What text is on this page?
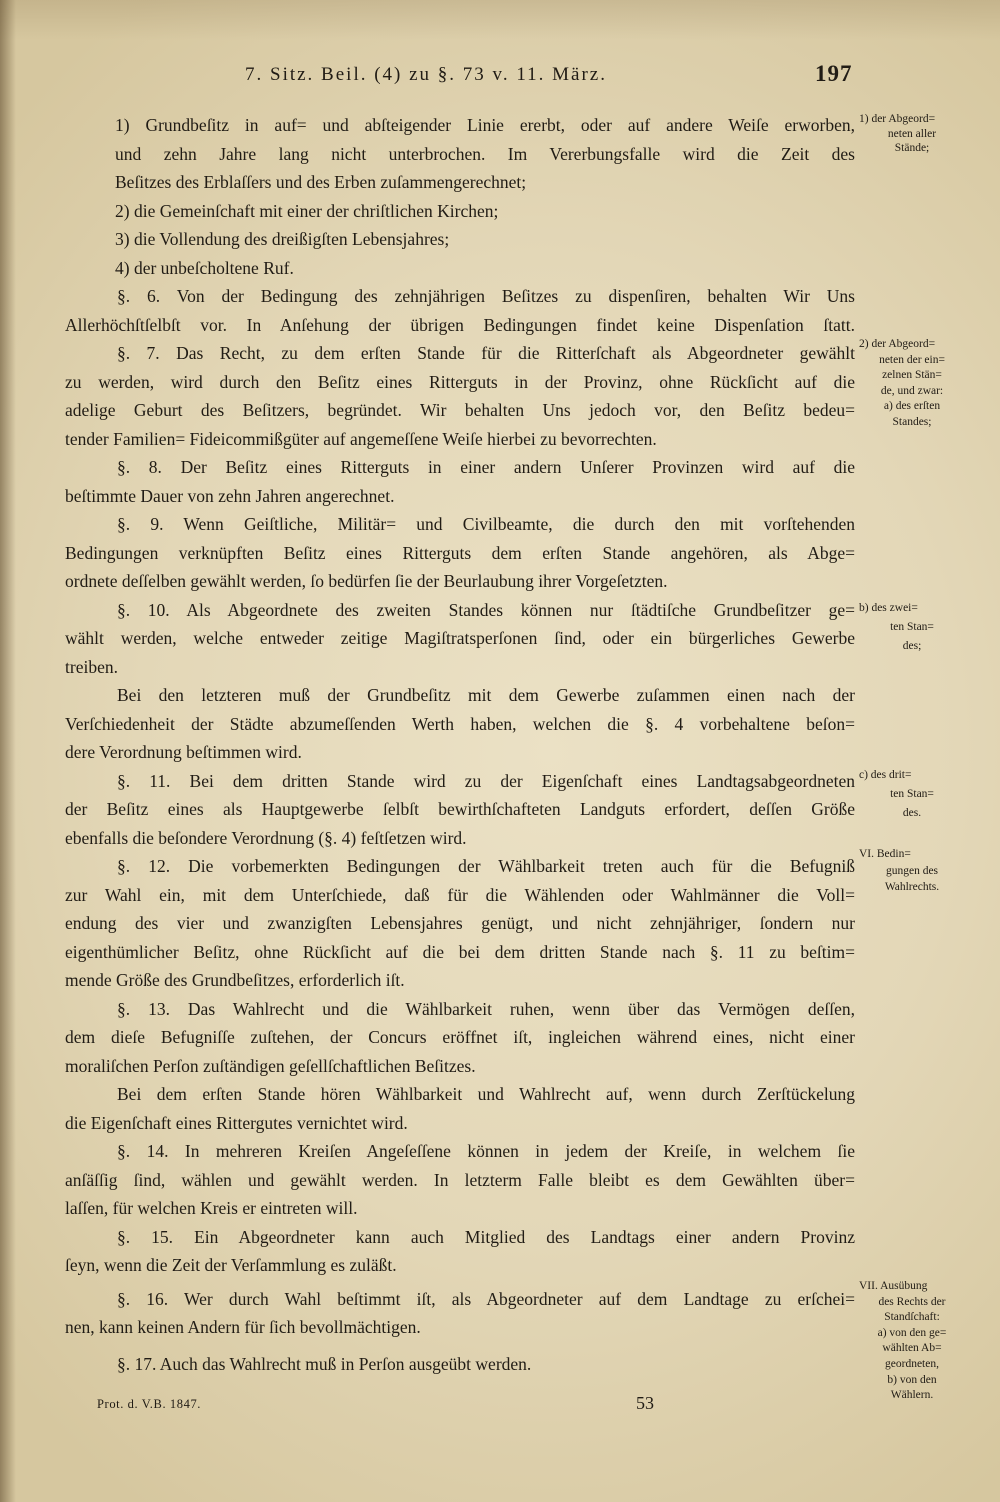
7. Sitz. Beil. (4) zu §. 73 v. 11. März.	197
1) Grundbeſitz in auf= und abſteigender Linie ererbt, oder auf andere Weiſe erworben,
und zehn Jahre lang nicht unterbrochen. Im Vererbungsfalle wird die Zeit des
Beſitzes des Erblaſſers und des Erben zuſammengerechnet;
2) die Gemeinſchaft mit einer der chriſtlichen Kirchen;
3) die Vollendung des dreißigſten Lebensjahres;
4) der unbeſcholtene Ruf.
§. 6. Von der Bedingung des zehnjährigen Beſitzes zu dispenſiren, behalten Wir Uns
Allerhöchſtſelbſt vor. In Anſehung der übrigen Bedingungen findet keine Dispenſation ſtatt.
§. 7. Das Recht, zu dem erſten Stande für die Ritterſchaft als Abgeordneter gewählt
zu werden, wird durch den Beſitz eines Ritterguts in der Provinz, ohne Rückſicht auf die
adelige Geburt des Beſitzers, begründet. Wir behalten Uns jedoch vor, den Beſitz bedeu=
tender Familien= Fideicommißgüter auf angemeſſene Weiſe hierbei zu bevorrechten.
§. 8. Der Beſitz eines Ritterguts in einer andern Unſerer Provinzen wird auf die
beſtimmte Dauer von zehn Jahren angerechnet.
§. 9. Wenn Geiſtliche, Militär= und Civilbeamte, die durch den mit vorſtehenden
Bedingungen verknüpften Beſitz eines Ritterguts dem erſten Stande angehören, als Abge=
ordnete deſſelben gewählt werden, ſo bedürfen ſie der Beurlaubung ihrer Vorgeſetzten.
§. 10. Als Abgeordnete des zweiten Standes können nur ſtädtiſche Grundbeſitzer ge=
wählt werden, welche entweder zeitige Magiſtratsperſonen ſind, oder ein bürgerliches Gewerbe
treiben.
Bei den letzteren muß der Grundbeſitz mit dem Gewerbe zuſammen einen nach der
Verſchiedenheit der Städte abzumeſſenden Werth haben, welchen die §. 4 vorbehaltene beſon=
dere Verordnung beſtimmen wird.
§. 11. Bei dem dritten Stande wird zu der Eigenſchaft eines Landtagsabgeordneten
der Beſitz eines als Hauptgewerbe ſelbſt bewirthſchafteten Landguts erfordert, deſſen Größe
ebenfalls die beſondere Verordnung (§. 4) feſtſetzen wird.
§. 12. Die vorbemerkten Bedingungen der Wählbarkeit treten auch für die Befugniß
zur Wahl ein, mit dem Unterſchiede, daß für die Wählenden oder Wahlmänner die Voll=
endung des vier und zwanzigſten Lebensjahres genügt, und nicht zehnjähriger, ſondern nur
eigenthümlicher Beſitz, ohne Rückſicht auf die bei dem dritten Stande nach §. 11 zu beſtim=
mende Größe des Grundbeſitzes, erforderlich iſt.
§. 13. Das Wahlrecht und die Wählbarkeit ruhen, wenn über das Vermögen deſſen,
dem dieſe Befugniſſe zuſtehen, der Concurs eröffnet iſt, ingleichen während eines, nicht einer
moraliſchen Perſon zuſtändigen geſellſchaftlichen Beſitzes.
Bei dem erſten Stande hören Wählbarkeit und Wahlrecht auf, wenn durch Zerſtückelung
die Eigenſchaft eines Rittergutes vernichtet wird.
§. 14. In mehreren Kreiſen Angeſeſſene können in jedem der Kreiſe, in welchem ſie
anſäſſig ſind, wählen und gewählt werden. In letzterm Falle bleibt es dem Gewählten über=
laſſen, für welchen Kreis er eintreten will.
§. 15. Ein Abgeordneter kann auch Mitglied des Landtags einer andern Provinz
ſeyn, wenn die Zeit der Verſammlung es zuläßt.
§. 16. Wer durch Wahl beſtimmt iſt, als Abgeordneter auf dem Landtage zu erſchei=
nen, kann keinen Andern für ſich bevollmächtigen.
§. 17. Auch das Wahlrecht muß in Perſon ausgeübt werden.
1) der Abgeord=
neten aller
Stände;
2) der Abgeord=
neten der ein=
zelnen Stän=
de, und zwar:
a) des erſten
Standes;
b) des zwei=
ten Stan=
des;
c) des drit=
ten Stan=
des.
VI. Bedin=
gungen des
Wahlrechts.
VII. Ausübung
des Rechts der
Standſchaft:
a) von den ge=
wählten Ab=
geordneten,
b) von den
Wählern.
Prot. d. V.B. 1847.	53
